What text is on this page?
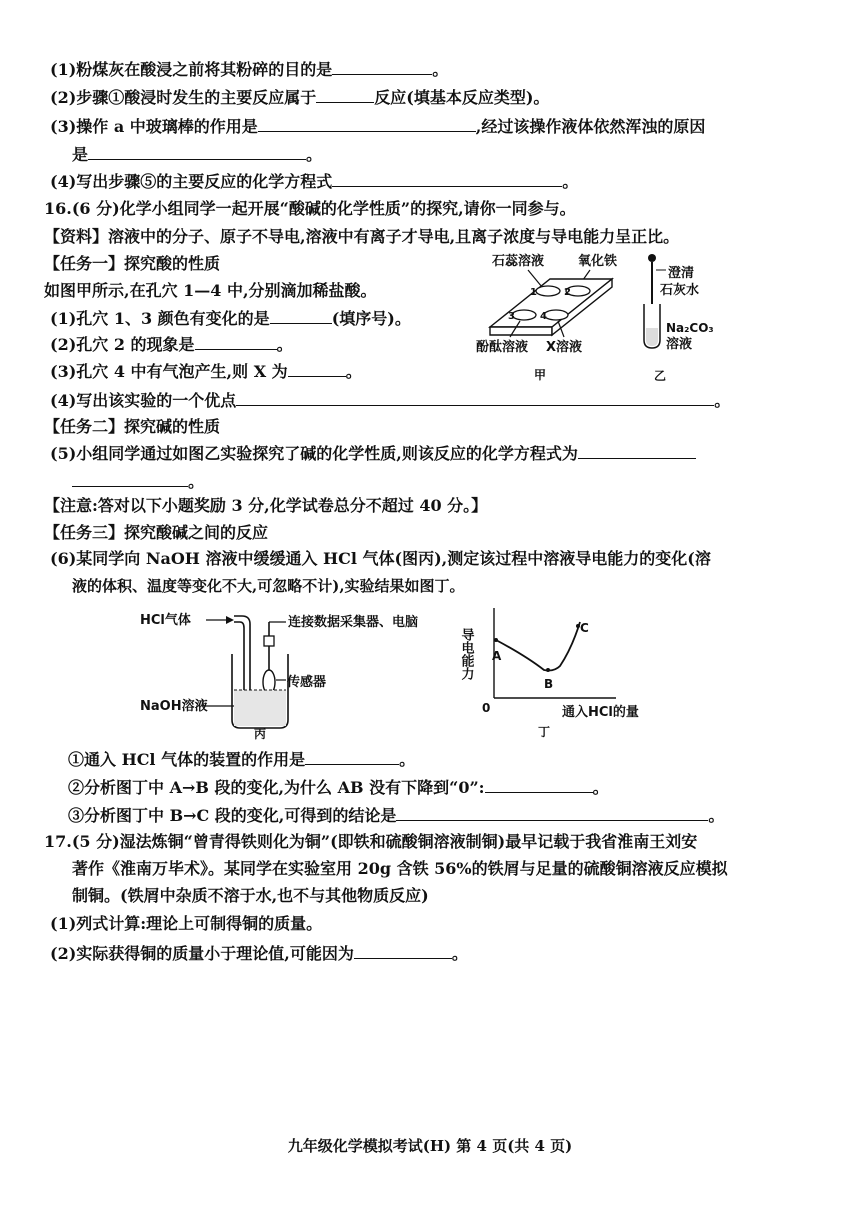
(1)粉煤灰在酸浸之前将其粉碎的目的是	。
(2)步骤①酸浸时发生的主要反应属于	反应(填基本反应类型)。
(3)操作 a 中玻璃棒的作用是	,经过该操作液体依然浑浊的原因
是	。
(4)写出步骤⑤的主要反应的化学方程式	。
16.(6 分)化学小组同学一起开展“酸碱的化学性质”的探究,请你一同参与。
【资料】溶液中的分子、原子不导电,溶液中有离子才导电,且离子浓度与导电能力呈正比。
【任务一】探究酸的性质
如图甲所示,在孔穴 1—4 中,分别滴加稀盐酸。
(1)孔穴 1、3 颜色有变化的是	(填序号)。
(2)孔穴 2 的现象是	。
(3)孔穴 4 中有气泡产生,则 X 为	。
(4)写出该实验的一个优点	。
【任务二】探究碱的性质
(5)小组同学通过如图乙实验探究了碱的化学性质,则该反应的化学方程式为
。
【注意:答对以下小题奖励 3 分,化学试卷总分不超过 40 分。】
【任务三】探究酸碱之间的反应
(6)某同学向 NaOH 溶液中缓缓通入 HCl 气体(图丙),测定该过程中溶液导电能力的变化(溶
液的体积、温度等变化不大,可忽略不计),实验结果如图丁。
石蕊溶液	氧化铁
1	2
3	4
酚酞溶液 X溶液
甲
澄清
石灰水
Na₂CO₃
溶液
乙
HCl气体	连接数据采集器、电脑
传感器
NaOH溶液
丙
导电能力
0	通入HCl的量
A
B
C
丁
①通入 HCl 气体的装置的作用是	。
②分析图丁中 A→B 段的变化,为什么 AB 没有下降到“0”:	。
③分析图丁中 B→C 段的变化,可得到的结论是	。
17.(5 分)湿法炼铜“曾青得铁则化为铜”(即铁和硫酸铜溶液制铜)最早记载于我省淮南王刘安
著作《淮南万毕术》。某同学在实验室用 20g 含铁 56%的铁屑与足量的硫酸铜溶液反应模拟
制铜。(铁屑中杂质不溶于水,也不与其他物质反应)
(1)列式计算:理论上可制得铜的质量。
(2)实际获得铜的质量小于理论值,可能因为	。
九年级化学模拟考试(H) 第 4 页(共 4 页)
